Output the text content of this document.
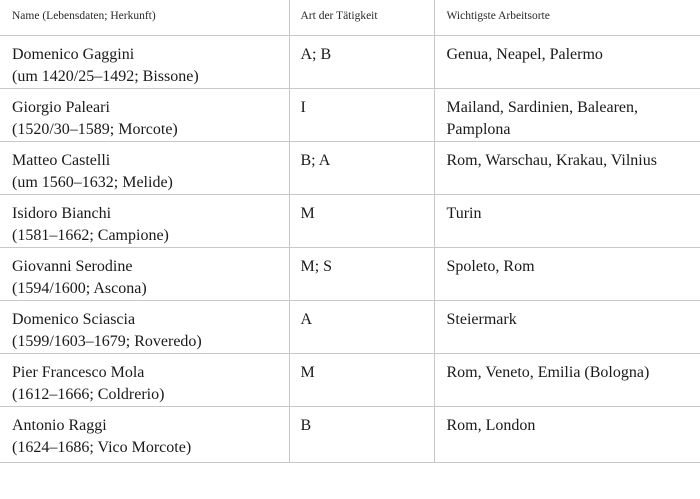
Name (Lebensdaten; Herkunft)	Art der Tätigkeit	Wichtigste Arbeitsorte

Domenico Gaggini
(um 1420/25–1492; Bissone)	A; B	Genua, Neapel, Palermo

Giorgio Paleari
(1520/30–1589; Morcote)	I	Mailand, Sardinien, Balearen, Pamplona

Matteo Castelli
(um 1560–1632; Melide)	B; A	Rom, Warschau, Krakau, Vilnius

Isidoro Bianchi
(1581–1662; Campione)	M	Turin

Giovanni Serodine
(1594/1600; Ascona)	M; S	Spoleto, Rom

Domenico Sciascia
(1599/1603–1679; Roveredo)	A	Steiermark

Pier Francesco Mola
(1612–1666; Coldrerio)	M	Rom, Veneto, Emilia (Bologna)

Antonio Raggi
(1624–1686; Vico Morcote)	B	Rom, London
